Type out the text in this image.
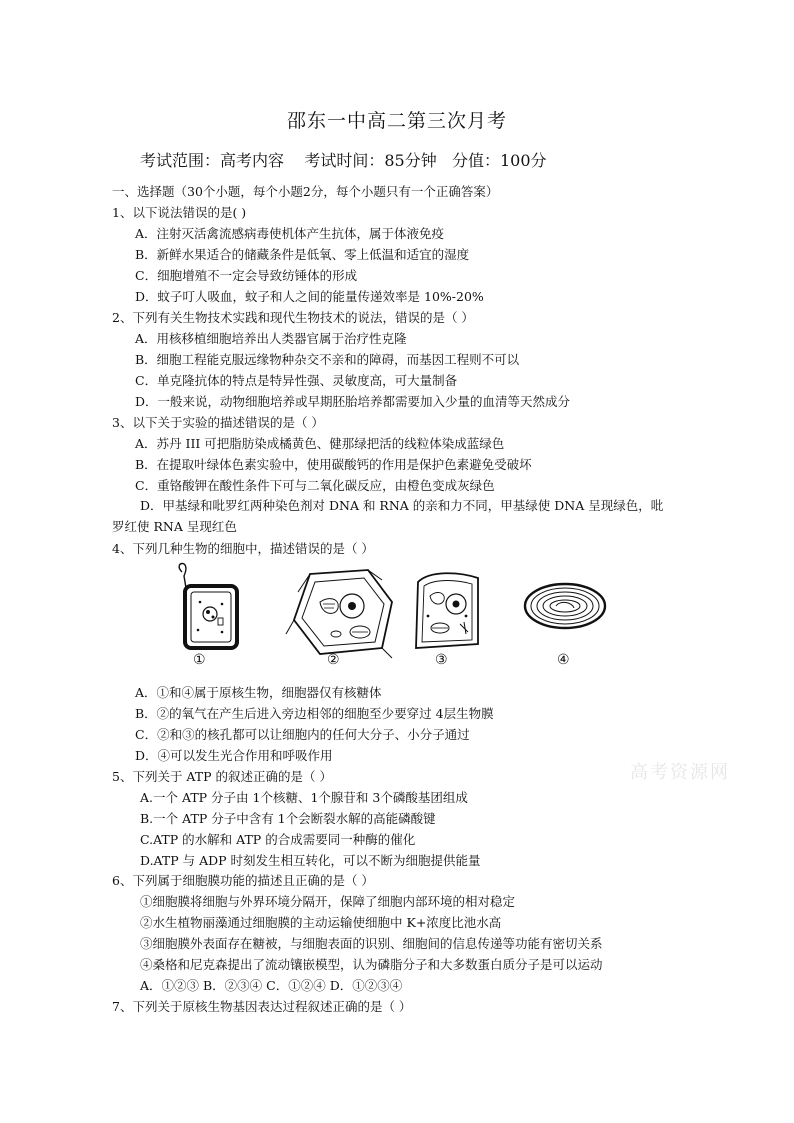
邵东一中高二第三次月考
考试范围：高考内容    考试时间：85分钟   分值：100分
一、选择题（30个小题，每个小题2分，每个小题只有一个正确答案）
1、以下说法错误的是( )
A．注射灭活禽流感病毒使机体产生抗体，属于体液免疫
B．新鲜水果适合的储藏条件是低氧、零上低温和适宜的湿度
C．细胞增殖不一定会导致纺锤体的形成
D．蚊子叮人吸血，蚊子和人之间的能量传递效率是 10%-20%
2、下列有关生物技术实践和现代生物技术的说法，错误的是（ ）
A．用核移植细胞培养出人类器官属于治疗性克隆
B．细胞工程能克服远缘物种杂交不亲和的障碍，而基因工程则不可以
C．单克隆抗体的特点是特异性强、灵敏度高，可大量制备
D．一般来说，动物细胞培养或早期胚胎培养都需要加入少量的血清等天然成分
3、以下关于实验的描述错误的是（ ）
A．苏丹 III 可把脂肪染成橘黄色、健那绿把活的线粒体染成蓝绿色
B．在提取叶绿体色素实验中，使用碳酸钙的作用是保护色素避免受破坏
C．重铬酸钾在酸性条件下可与二氧化碳反应，由橙色变成灰绿色
D．甲基绿和吡罗红两种染色剂对 DNA 和 RNA 的亲和力不同，甲基绿使 DNA 呈现绿色，吡罗红使 RNA 呈现红色
4、下列几种生物的细胞中，描述错误的是（ ）
①	②	③	④
A．①和④属于原核生物，细胞器仅有核糖体
B．②的氧气在产生后进入旁边相邻的细胞至少要穿过 4层生物膜
C．②和③的核孔都可以让细胞内的任何大分子、小分子通过
D．④可以发生光合作用和呼吸作用
5、下列关于 ATP 的叙述正确的是（ ）
A.一个 ATP 分子由 1个核糖、1个腺苷和 3个磷酸基团组成
B.一个 ATP 分子中含有 1个会断裂水解的高能磷酸键
C.ATP 的水解和 ATP 的合成需要同一种酶的催化
D.ATP 与 ADP 时刻发生相互转化，可以不断为细胞提供能量
6、下列属于细胞膜功能的描述且正确的是（ ）
①细胞膜将细胞与外界环境分隔开，保障了细胞内部环境的相对稳定
②水生植物丽藻通过细胞膜的主动运输使细胞中 K+浓度比池水高
③细胞膜外表面存在糖被，与细胞表面的识别、细胞间的信息传递等功能有密切关系
④桑格和尼克森提出了流动镶嵌模型，认为磷脂分子和大多数蛋白质分子是可以运动
A．①②③ B．②③④ C．①②④ D．①②③④
7、下列关于原核生物基因表达过程叙述正确的是（ ）
高考资源网
